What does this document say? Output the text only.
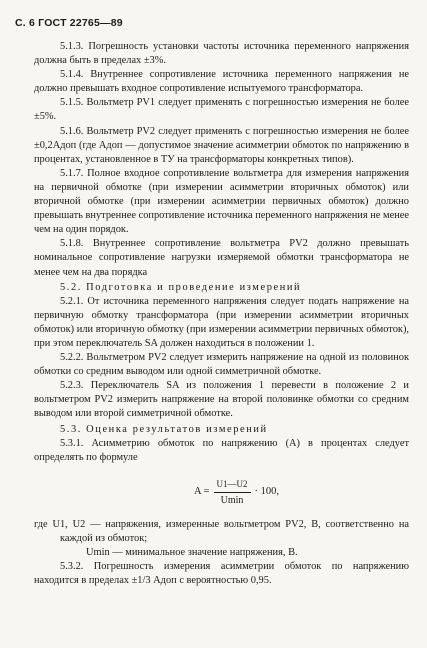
С. 6 ГОСТ 22765—89

5.1.3. Погрешность установки частоты источника переменного напряжения должна быть в пределах ±3%.

5.1.4. Внутреннее сопротивление источника переменного напряжения не должно превышать входное сопротивление испытуемого трансформатора.

5.1.5. Вольтметр PV1 следует применять с погрешностью измерения не более ±5%.

5.1.6. Вольтметр PV2 следует применять с погрешностью измерения не более ±0,2Aдоп (где Aдоп — допустимое значение асимметрии обмоток по напряжению в процентах, установленное в ТУ на трансформаторы конкретных типов).

5.1.7. Полное входное сопротивление вольтметра для измерения напряжения на первичной обмотке (при измерении асимметрии вторичных обмоток) или вторичной обмотке (при измерении асимметрии первичных обмоток) должно превышать внутреннее сопротивление источника переменного напряжения не менее чем на один порядок.

5.1.8. Внутреннее сопротивление вольтметра PV2 должно превышать номинальное сопротивление нагрузки измеряемой обмотки трансформатора не менее чем на два порядка

5.2. Подготовка и проведение измерений

5.2.1. От источника переменного напряжения следует подать напряжение на первичную обмотку трансформатора (при измерении асимметрии вторичных обмоток) или вторичную обмотку (при измерении асимметрии первичных обмоток), при этом переключатель SA должен находиться в положении 1.

5.2.2. Вольтметром PV2 следует измерить напряжение на одной из половинок обмотки со средним выводом или одной симметричной обмотке.

5.2.3. Переключатель SA из положения 1 перевести в положение 2 и вольтметром PV2 измерить напряжение на второй половинке обмотки со средним выводом или второй симметричной обмотке.

5.3. Оценка результатов измерений

5.3.1. Асимметрию обмоток по напряжению (A) в процентах следует определять по формуле

$A = \frac{U1—U2}{Umin} \cdot 100$,

где U1, U2 — напряжения, измеренные вольтметром PV2, В, соответственно на каждой из обмоток;

Umin — минимальное значение напряжения, В.

5.3.2. Погрешность измерения асимметрии обмоток по напряжению находится в пределах ±1/3 Aдоп с вероятностью 0,95.
